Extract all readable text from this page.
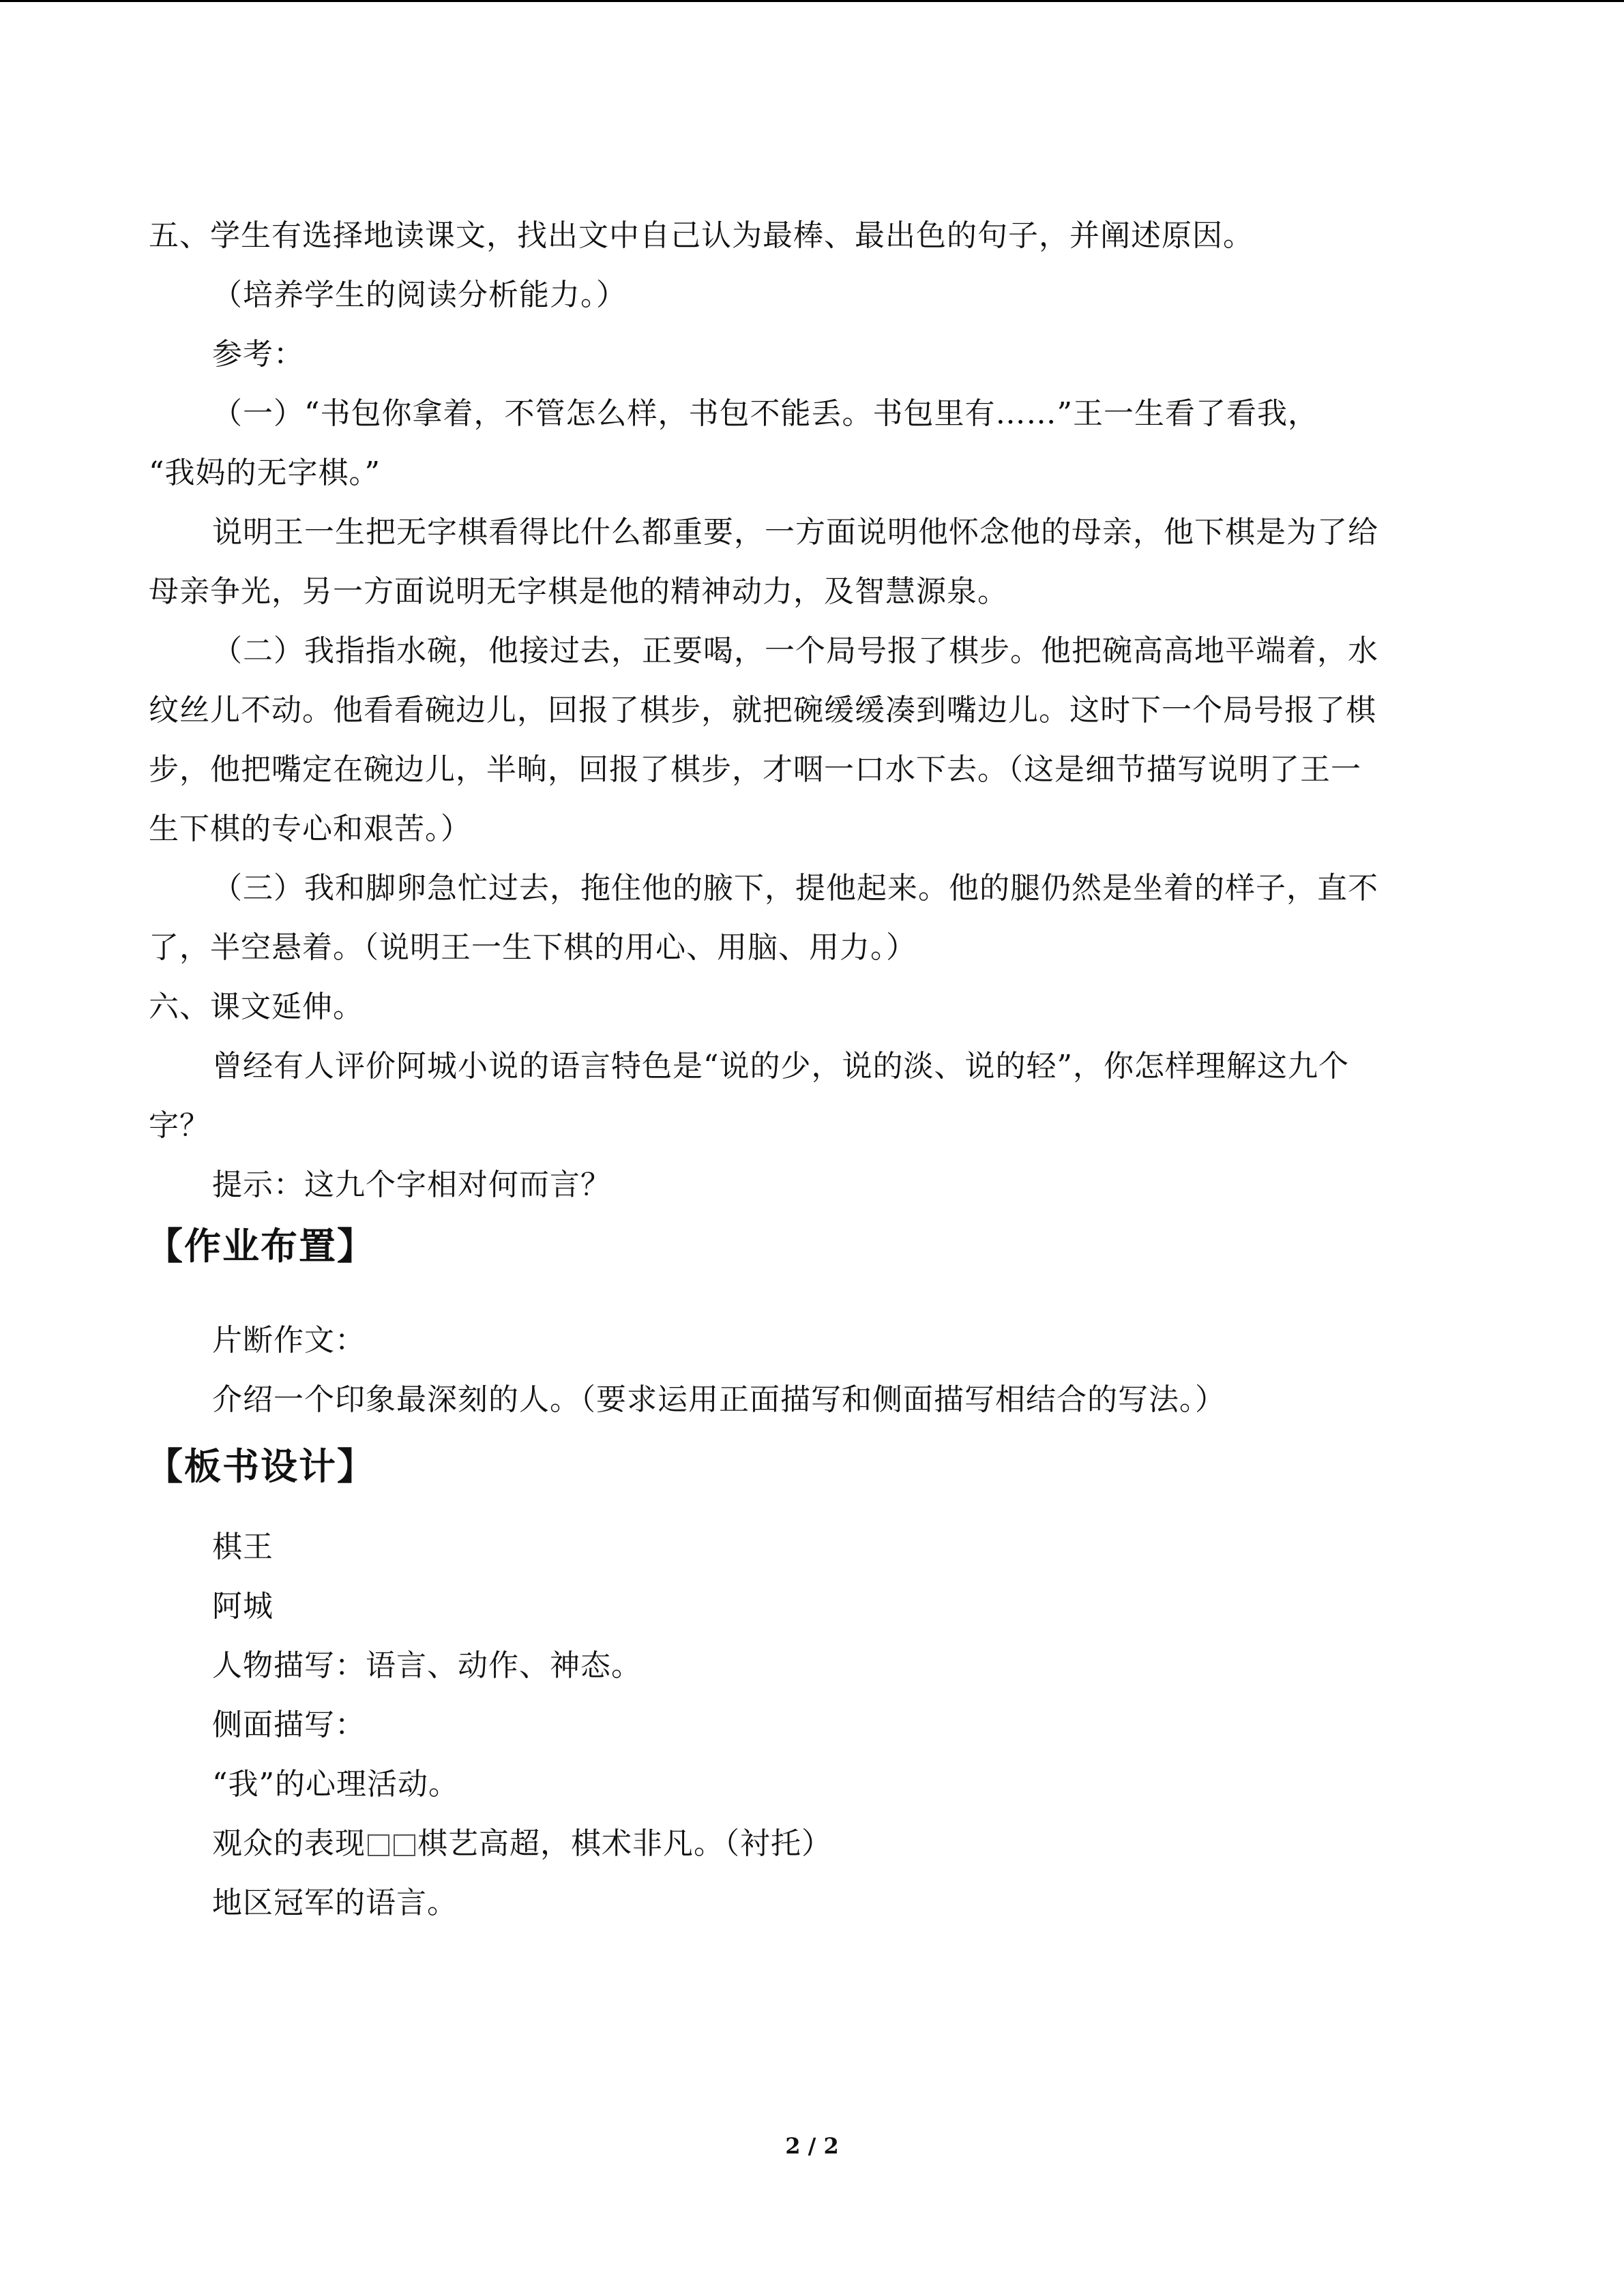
五、学生有选择地读课文，找出文中自己认为最棒、最出色的句子，并阐述原因。
（培养学生的阅读分析能力。）
参考：
（一）“书包你拿着，不管怎么样，书包不能丢。书包里有……”王一生看了看我，
“我妈的无字棋。”
说明王一生把无字棋看得比什么都重要，一方面说明他怀念他的母亲，他下棋是为了给
母亲争光，另一方面说明无字棋是他的精神动力，及智慧源泉。
（二）我指指水碗，他接过去，正要喝，一个局号报了棋步。他把碗高高地平端着，水
纹丝儿不动。他看看碗边儿，回报了棋步，就把碗缓缓凑到嘴边儿。这时下一个局号报了棋
步，他把嘴定在碗边儿，半晌，回报了棋步，才咽一口水下去。（这是细节描写说明了王一
生下棋的专心和艰苦。）
（三）我和脚卵急忙过去，拖住他的腋下，提他起来。他的腿仍然是坐着的样子，直不
了，半空悬着。（说明王一生下棋的用心、用脑、用力。）
六、课文延伸。
曾经有人评价阿城小说的语言特色是“说的少，说的淡、说的轻”，你怎样理解这九个
字？
提示：这九个字相对何而言？
【作业布置】
片断作文：
介绍一个印象最深刻的人。（要求运用正面描写和侧面描写相结合的写法。）
【板书设计】
棋王
阿城
人物描写：语言、动作、神态。
侧面描写：
“我”的心理活动。
观众的表现 棋艺高超，棋术非凡。（衬托）
地区冠军的语言。
2 / 2
